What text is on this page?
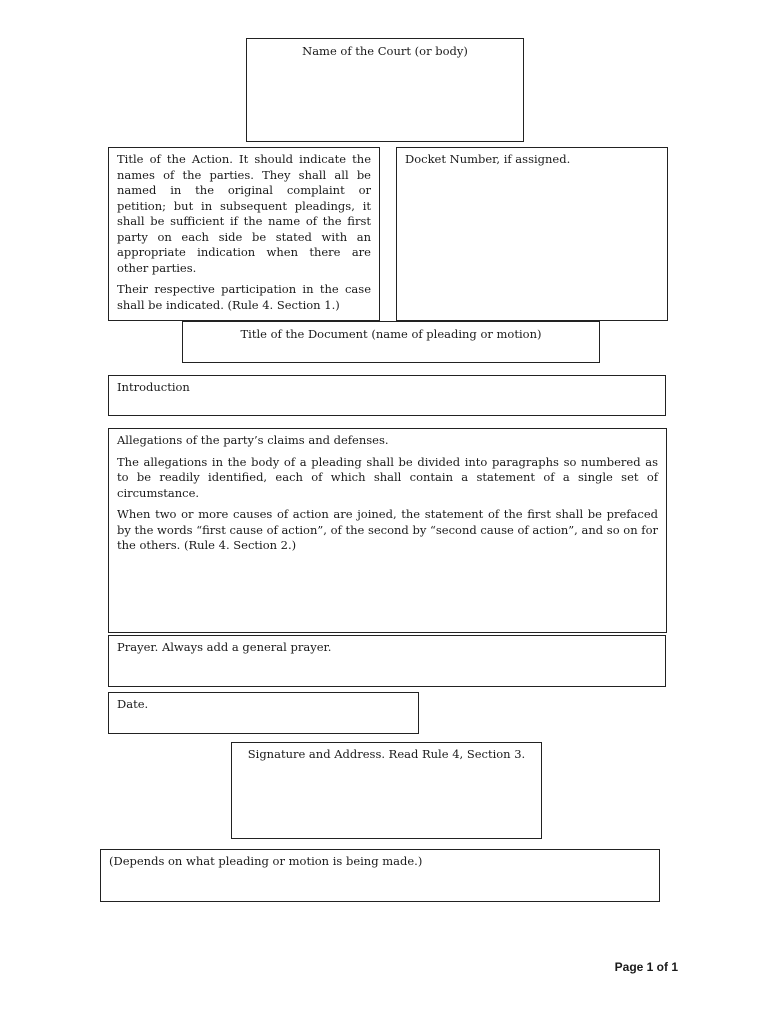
Name of the Court (or body)

Title of the Action. It should indicate the names of the parties. They shall all be named in the original complaint or petition; but in subsequent pleadings, it shall be sufficient if the name of the first party on each side be stated with an appropriate indication when there are other parties.

Their respective participation in the case shall be indicated. (Rule 4. Section 1.)

Docket Number, if assigned.

Title of the Document (name of pleading or motion)

Introduction

Allegations of the party’s claims and defenses.

The allegations in the body of a pleading shall be divided into paragraphs so numbered as to be readily identified, each of which shall contain a statement of a single set of circumstance.

When two or more causes of action are joined, the statement of the first shall be prefaced by the words “first cause of action”, of the second by “second cause of action”, and so on for the others. (Rule 4. Section 2.)

Prayer. Always add a general prayer.

Date.

Signature and Address. Read Rule 4, Section 3.

(Depends on what pleading or motion is being made.)

Page 1 of 1
